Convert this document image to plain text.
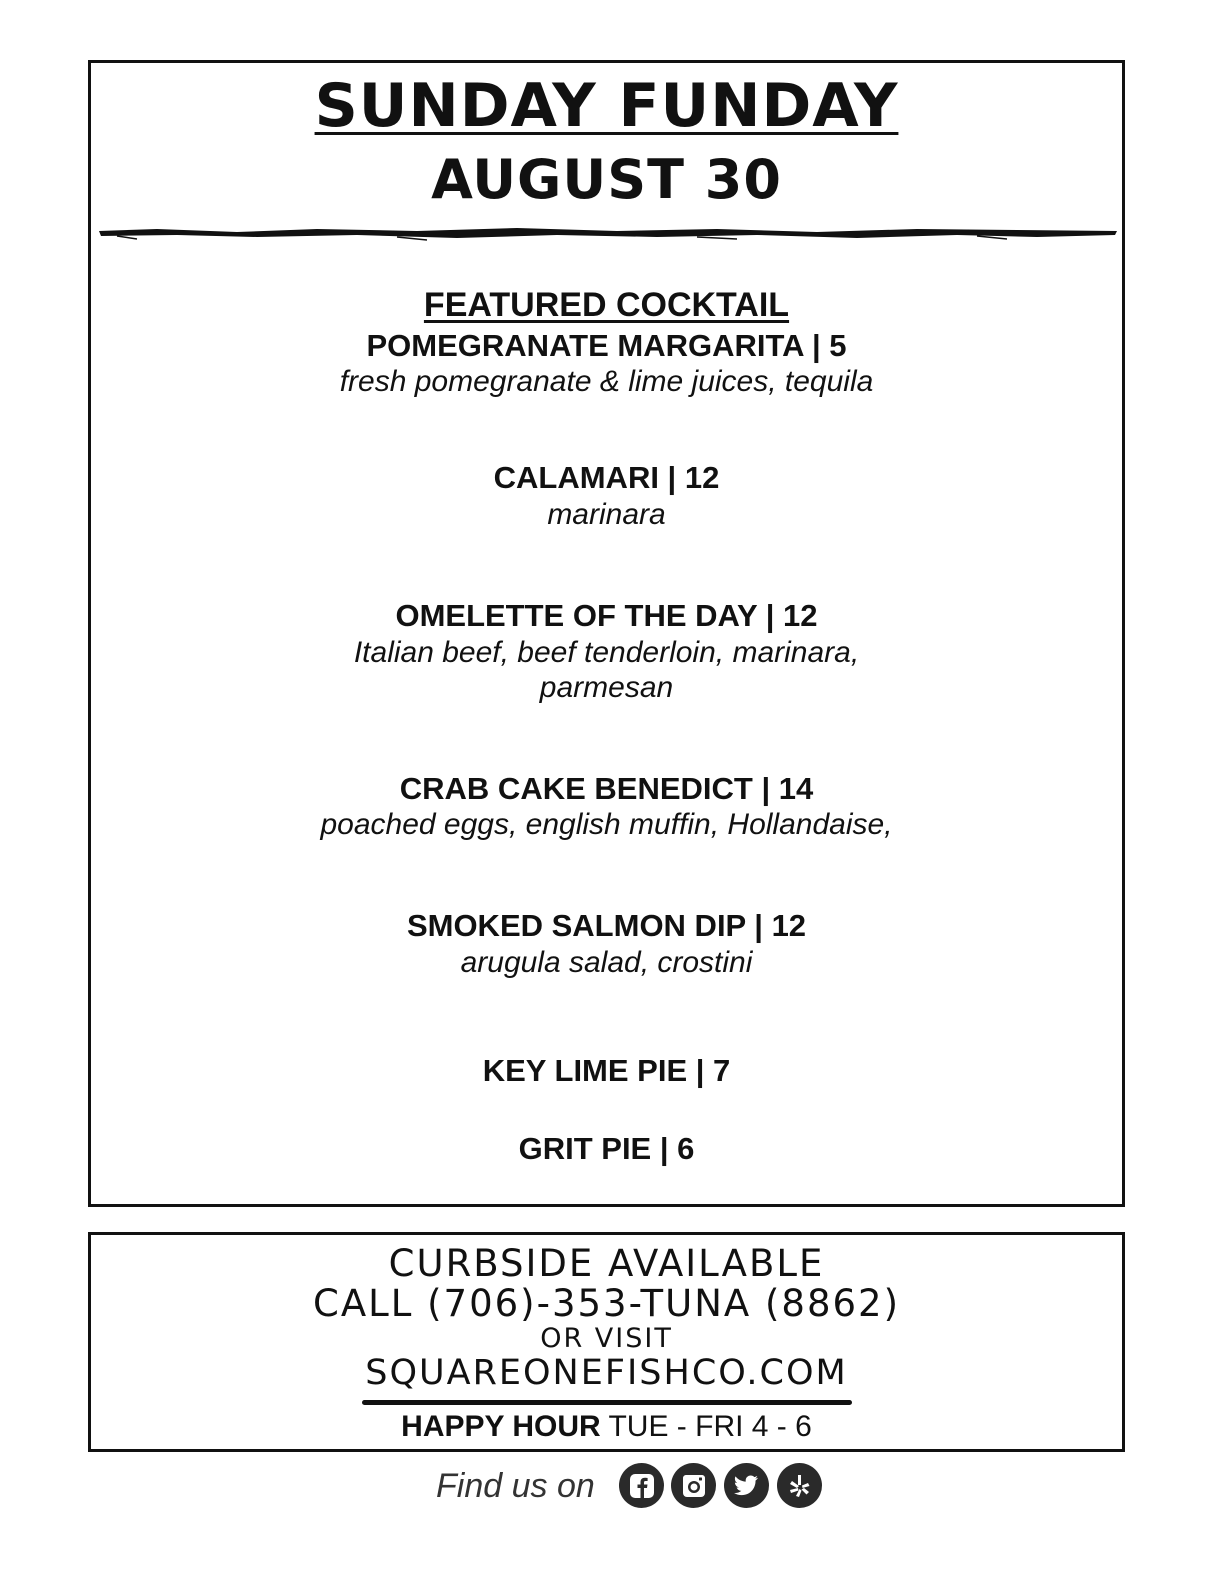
SUNDAY FUNDAY
AUGUST 30
FEATURED COCKTAIL
POMEGRANATE MARGARITA | 5
fresh pomegranate & lime juices, tequila
CALAMARI | 12
marinara
OMELETTE OF THE DAY | 12
Italian beef, beef tenderloin, marinara,
parmesan
CRAB CAKE BENEDICT | 14
poached eggs, english muffin, Hollandaise,
SMOKED SALMON DIP | 12
arugula salad, crostini
KEY LIME PIE | 7
GRIT PIE | 6
CURBSIDE AVAILABLE
CALL (706)-353-TUNA (8862)
OR VISIT
SQUAREONEFISHCO.COM
HAPPY HOUR TUE - FRI 4 - 6
Find us on
